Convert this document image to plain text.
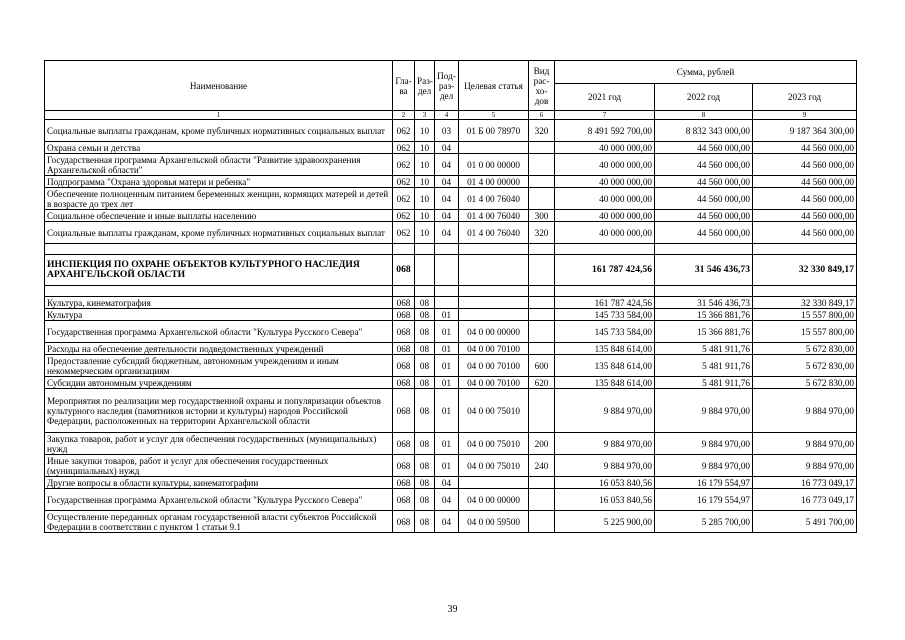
Наименование	Гла-ва	Раз-дел	Под-раз-дел	Целевая статья	Вид рас-хо-дов	Сумма, рублей		
						2021 год	2022 год	2023 год
1	2	3	4	5	6	7	8	9
Социальные выплаты гражданам, кроме публичных нормативных социальных выплат	062	10	03	01 Б 00 78970	320	8 491 592 700,00	8 832 343 000,00	9 187 364 300,00
Охрана семьи и детства	062	10	04			40 000 000,00	44 560 000,00	44 560 000,00
Государственная программа Архангельской области "Развитие здравоохранения Архангельской области"	062	10	04	01 0 00 00000		40 000 000,00	44 560 000,00	44 560 000,00
Подпрограмма "Охрана здоровья матери и ребенка"	062	10	04	01 4 00 00000		40 000 000,00	44 560 000,00	44 560 000,00
Обеспечение полноценным питанием беременных женщин, кормящих матерей и детей в возрасте до трех лет	062	10	04	01 4 00 76040		40 000 000,00	44 560 000,00	44 560 000,00
Социальное обеспечение и иные выплаты населению	062	10	04	01 4 00 76040	300	40 000 000,00	44 560 000,00	44 560 000,00
Социальные выплаты гражданам, кроме публичных нормативных социальных выплат	062	10	04	01 4 00 76040	320	40 000 000,00	44 560 000,00	44 560 000,00

ИНСПЕКЦИЯ ПО ОХРАНЕ ОБЪЕКТОВ КУЛЬТУРНОГО НАСЛЕДИЯ АРХАНГЕЛЬСКОЙ ОБЛАСТИ	068					161 787 424,56	31 546 436,73	32 330 849,17

Культура, кинематография	068	08				161 787 424,56	31 546 436,73	32 330 849,17
Культура	068	08	01			145 733 584,00	15 366 881,76	15 557 800,00
Государственная программа Архангельской области "Культура Русского Севера"	068	08	01	04 0 00 00000		145 733 584,00	15 366 881,76	15 557 800,00
Расходы на обеспечение деятельности подведомственных учреждений	068	08	01	04 0 00 70100		135 848 614,00	5 481 911,76	5 672 830,00
Предоставление субсидий бюджетным, автономным учреждениям и иным некоммерческим организациям	068	08	01	04 0 00 70100	600	135 848 614,00	5 481 911,76	5 672 830,00
Субсидии автономным учреждениям	068	08	01	04 0 00 70100	620	135 848 614,00	5 481 911,76	5 672 830,00
Мероприятия по реализации мер государственной охраны и популяризации объектов культурного наследия (памятников истории и культуры) народов Российской Федерации, расположенных на территории Архангельской области	068	08	01	04 0 00 75010		9 884 970,00	9 884 970,00	9 884 970,00
Закупка товаров, работ и услуг для обеспечения государственных (муниципальных) нужд	068	08	01	04 0 00 75010	200	9 884 970,00	9 884 970,00	9 884 970,00
Иные закупки товаров, работ и услуг для обеспечения государственных (муниципальных) нужд	068	08	01	04 0 00 75010	240	9 884 970,00	9 884 970,00	9 884 970,00
Другие вопросы в области культуры, кинематографии	068	08	04			16 053 840,56	16 179 554,97	16 773 049,17
Государственная программа Архангельской области "Культура Русского Севера"	068	08	04	04 0 00 00000		16 053 840,56	16 179 554,97	16 773 049,17
Осуществление переданных органам государственной власти субъектов Российской Федерации в соответствии с пунктом 1 статьи 9.1	068	08	04	04 0 00 59500		5 225 900,00	5 285 700,00	5 491 700,00
39
